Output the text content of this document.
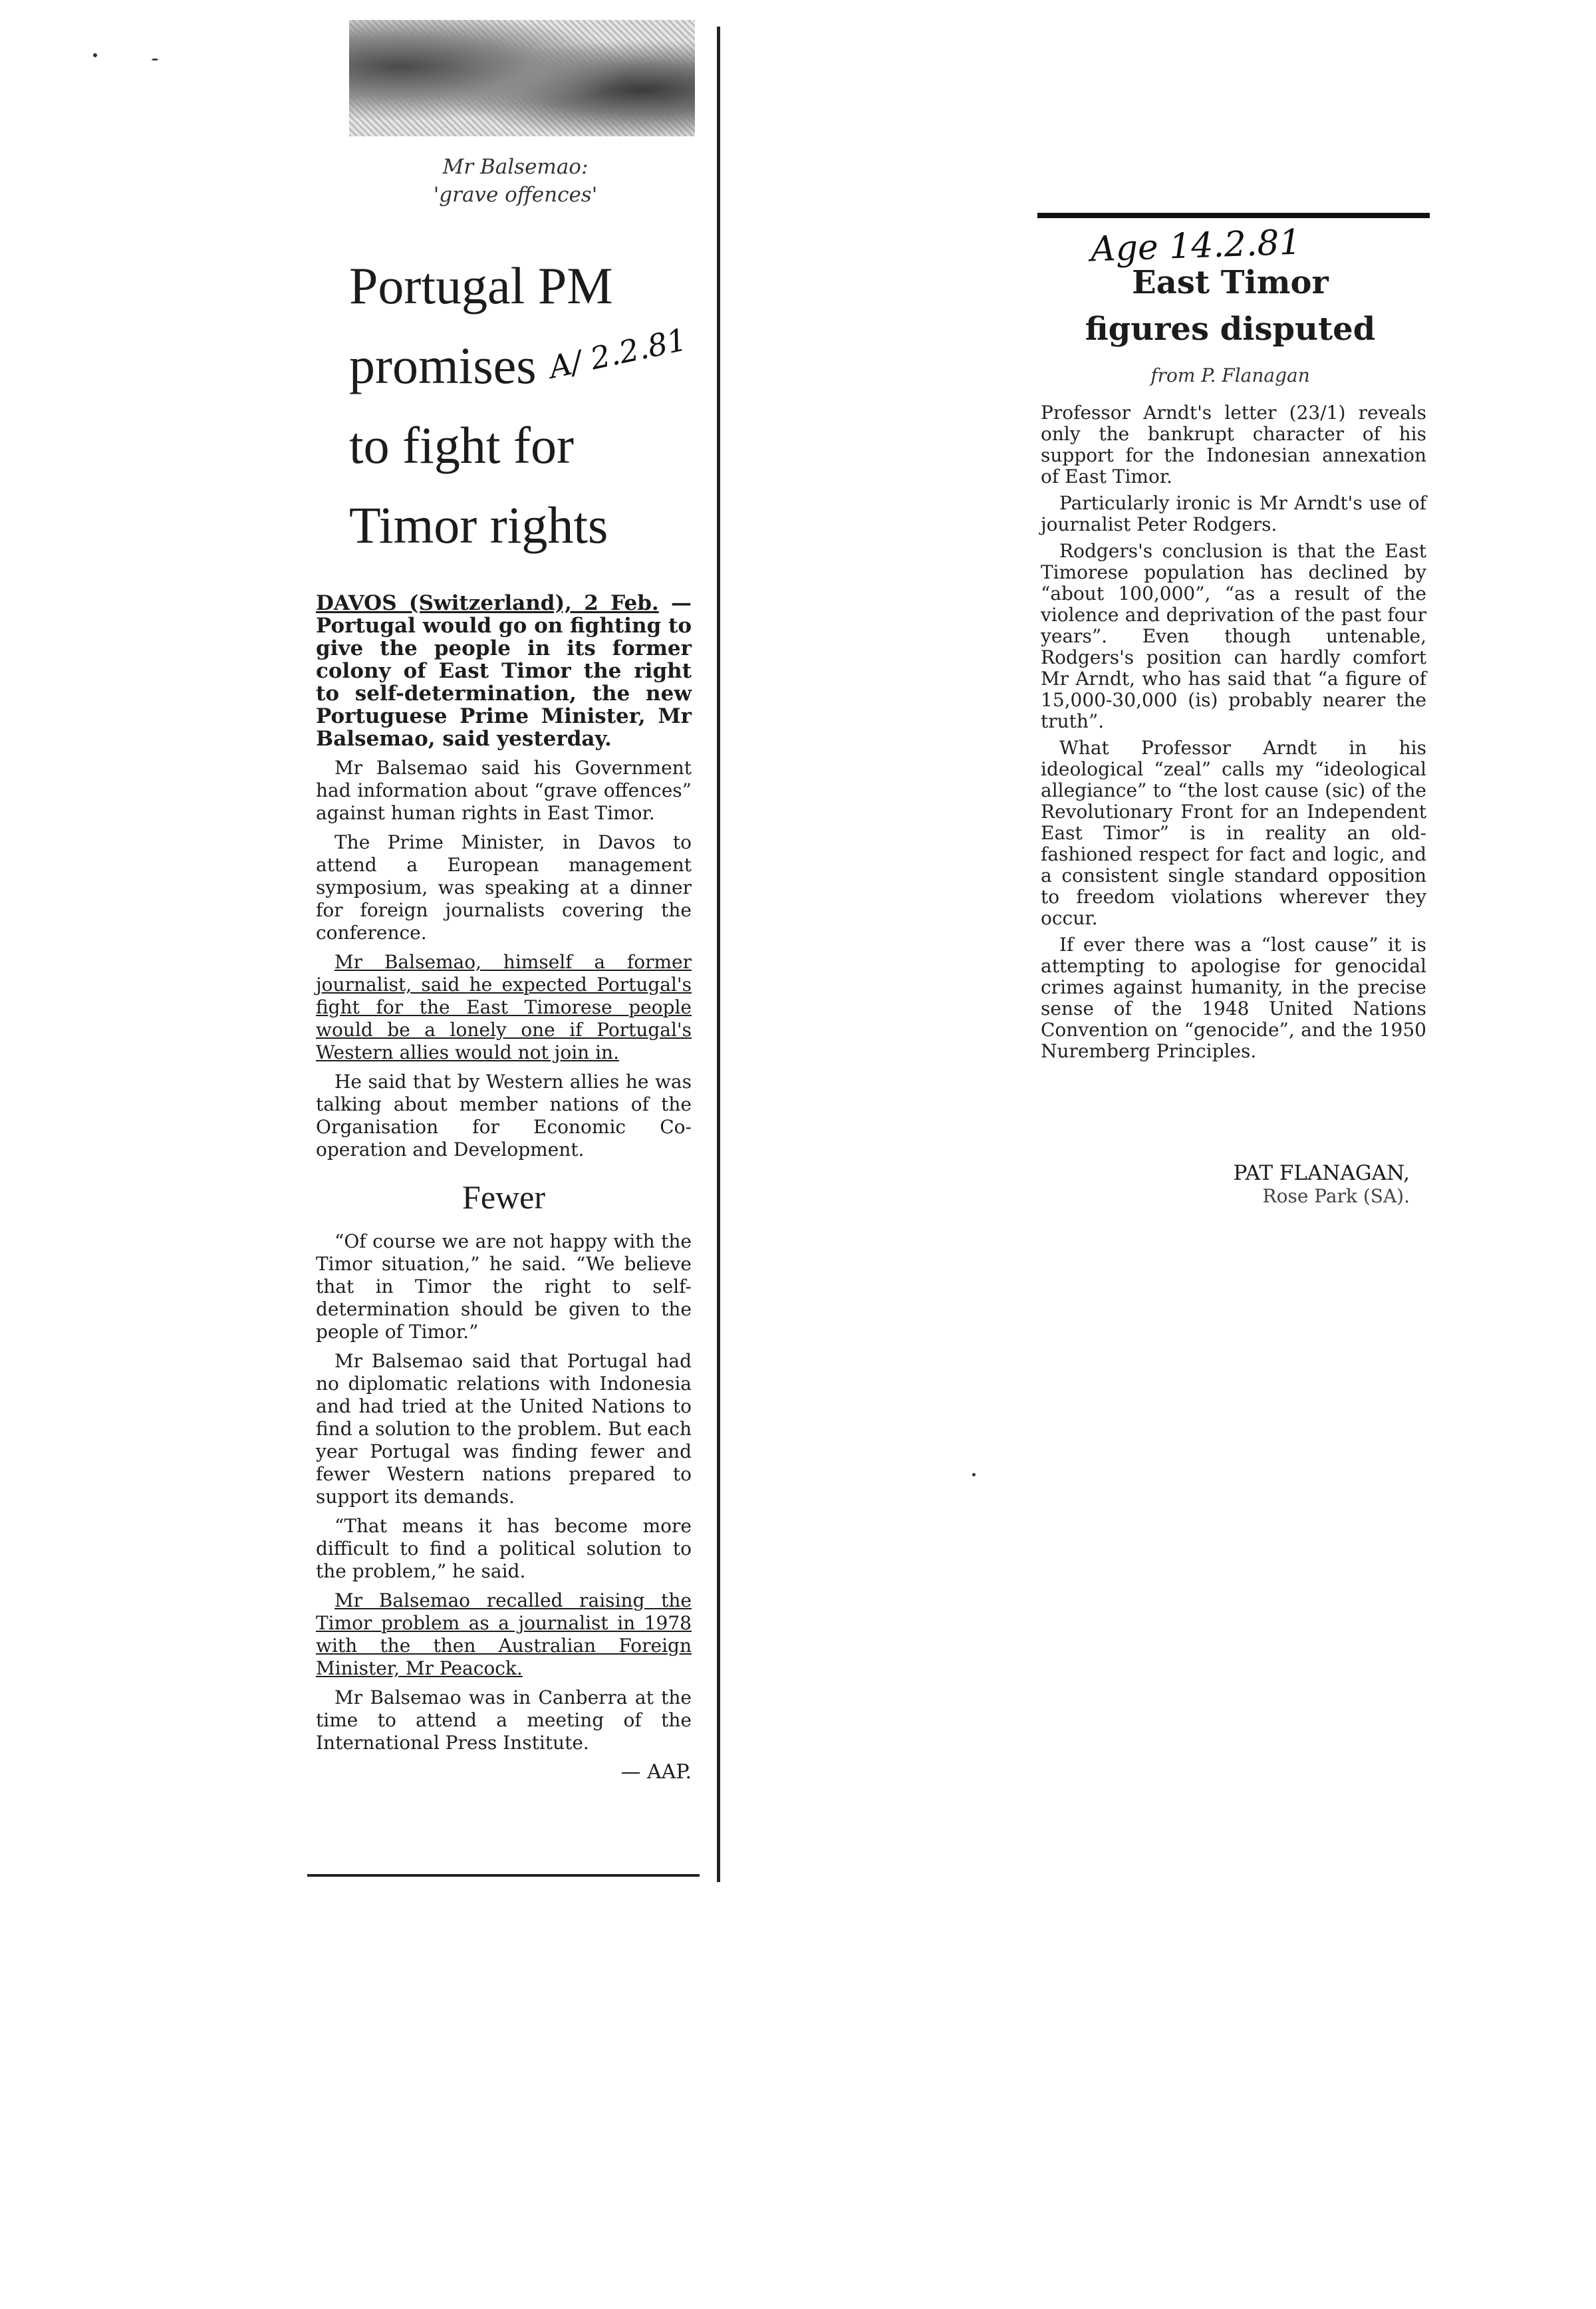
Mr Balsemao:
'grave offences'
Portugal PM
promises
to fight for
Timor rights
A/ 2.2.81

DAVOS (Switzerland), 2 Feb. — Portugal would go on fighting to give the people in its former colony of East Timor the right to self-determination, the new Portuguese Prime Minister, Mr Balsemao, said yesterday.

Mr Balsemao said his Government had information about “grave offences” against human rights in East Timor.

The Prime Minister, in Davos to attend a European management symposium, was speaking at a dinner for foreign journalists covering the conference.

Mr Balsemao, himself a former journalist, said he expected Portugal's fight for the East Timorese people would be a lonely one if Portugal's Western allies would not join in.

He said that by Western allies he was talking about member nations of the Organisation for Economic Co-operation and Development.

Fewer

“Of course we are not happy with the Timor situation,” he said. “We believe that in Timor the right to self-determination should be given to the people of Timor.”

Mr Balsemao said that Portugal had no diplomatic relations with Indonesia and had tried at the United Nations to find a solution to the problem. But each year Portugal was finding fewer and fewer Western nations prepared to support its demands.

“That means it has become more difficult to find a political solution to the problem,” he said.

Mr Balsemao recalled raising the Timor problem as a journalist in 1978 with the then Australian Foreign Minister, Mr Peacock.

Mr Balsemao was in Canberra at the time to attend a meeting of the International Press Institute.

— AAP.
Age 14.2.81
East Timor
figures disputed
from P. Flanagan

Professor Arndt's letter (23/1) reveals only the bankrupt character of his support for the Indonesian annexation of East Timor.

Particularly ironic is Mr Arndt's use of journalist Peter Rodgers.

Rodgers's conclusion is that the East Timorese population has declined by “about 100,000”, “as a result of the violence and deprivation of the past four years”. Even though untenable, Rodgers's position can hardly comfort Mr Arndt, who has said that “a figure of 15,000-30,000 (is) probably nearer the truth”.

What Professor Arndt in his ideological “zeal” calls my “ideological allegiance” to “the lost cause (sic) of the Revolutionary Front for an Independent East Timor” is in reality an old-fashioned respect for fact and logic, and a consistent single standard opposition to freedom violations wherever they occur.

If ever there was a “lost cause” it is attempting to apologise for genocidal crimes against humanity, in the precise sense of the 1948 United Nations Convention on “genocide”, and the 1950 Nuremberg Principles.

PAT FLANAGAN,
Rose Park (SA).
